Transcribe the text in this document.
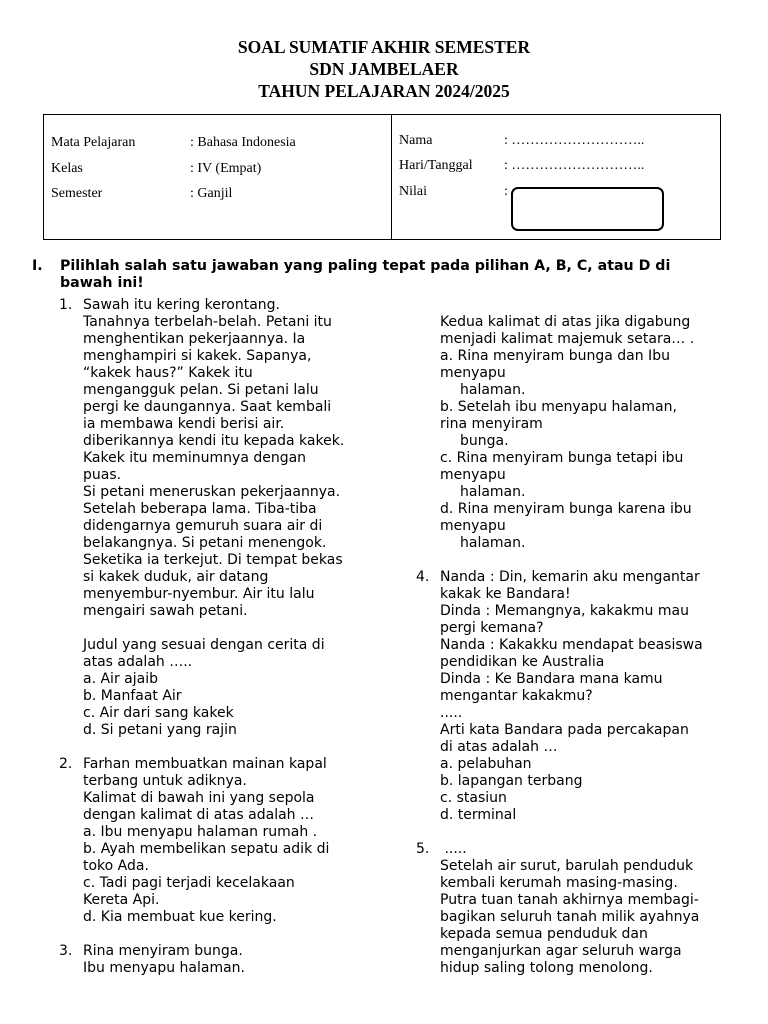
SOAL SUMATIF AKHIR SEMESTER
SDN JAMBELAER
TAHUN PELAJARAN 2024/2025
Mata Pelajaran	: Bahasa Indonesia
Kelas	: IV (Empat)
Semester	: Ganjil
Nama	: ………………………..
Hari/Tanggal : ………………………..
Nilai	:
I. Pilihlah salah satu jawaban yang paling tepat pada pilihan A, B, C, atau D di
bawah ini!
1. Sawah itu kering kerontang.
Tanahnya terbelah-belah. Petani itu
menghentikan pekerjaannya. Ia
menghampiri si kakek. Sapanya,
“kakek haus?” Kakek itu
mengangguk pelan. Si petani lalu
pergi ke daungannya. Saat kembali
ia membawa kendi berisi air.
diberikannya kendi itu kepada kakek.
Kakek itu meminumnya dengan
puas.
Si petani meneruskan pekerjaannya.
Setelah beberapa lama. Tiba-tiba
didengarnya gemuruh suara air di
belakangnya. Si petani menengok.
Seketika ia terkejut. Di tempat bekas
si kakek duduk, air datang
menyembur-nyembur. Air itu lalu
mengairi sawah petani.
Judul yang sesuai dengan cerita di
atas adalah …..
a. Air ajaib
b. Manfaat Air
c. Air dari sang kakek
d. Si petani yang rajin
2. Farhan membuatkan mainan kapal
terbang untuk adiknya.
Kalimat di bawah ini yang sepola
dengan kalimat di atas adalah …
a. Ibu menyapu halaman rumah .
b. Ayah membelikan sepatu adik di
toko Ada.
c. Tadi pagi terjadi kecelakaan
Kereta Api.
d. Kia membuat kue kering.
3. Rina menyiram bunga.
Ibu menyapu halaman.
Kedua kalimat di atas jika digabung
menjadi kalimat majemuk setara… .
a. Rina menyiram bunga dan Ibu
menyapu
halaman.
b. Setelah ibu menyapu halaman,
rina menyiram
bunga.
c. Rina menyiram bunga tetapi ibu
menyapu
halaman.
d. Rina menyiram bunga karena ibu
menyapu
halaman.
4. Nanda : Din, kemarin aku mengantar
kakak ke Bandara!
Dinda : Memangnya, kakakmu mau
pergi kemana?
Nanda : Kakakku mendapat beasiswa
pendidikan ke Australia
Dinda : Ke Bandara mana kamu
mengantar kakakmu?
.....
Arti kata Bandara pada percakapan
di atas adalah …
a. pelabuhan
b. lapangan terbang
c. stasiun
d. terminal
5. .....
Setelah air surut, barulah penduduk
kembali kerumah masing-masing.
Putra tuan tanah akhirnya membagi-
bagikan seluruh tanah milik ayahnya
kepada semua penduduk dan
menganjurkan agar seluruh warga
hidup saling tolong menolong.
